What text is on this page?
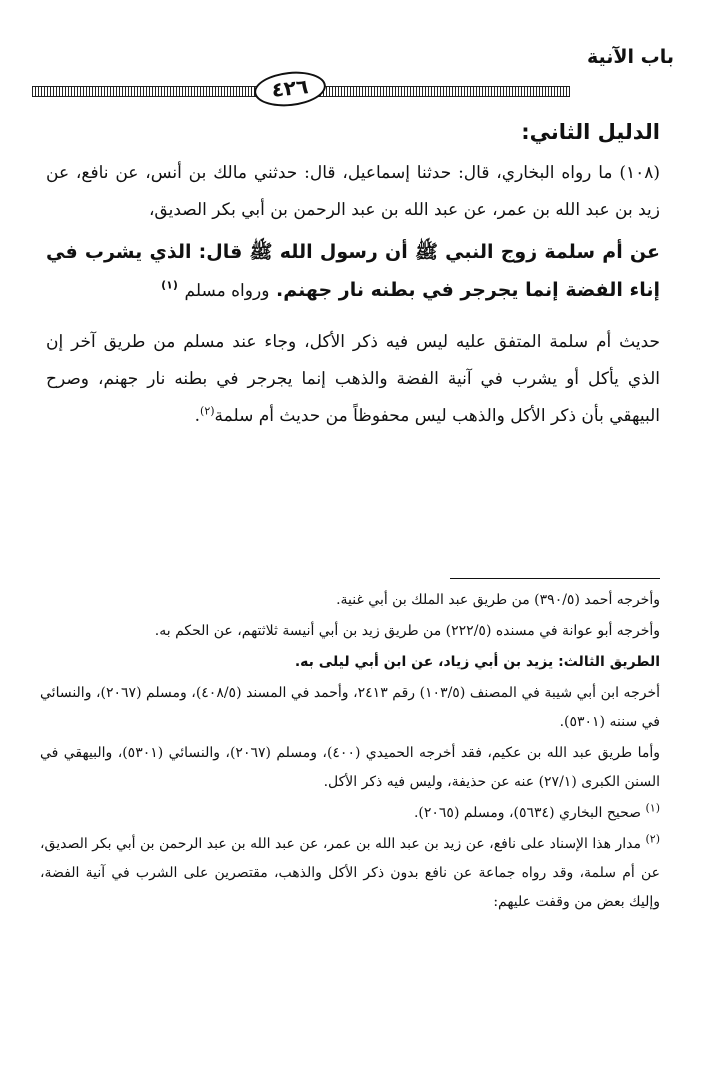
باب الآنية
٤٢٦
الدليل الثاني:

(١٠٨) ما رواه البخاري، قال: حدثنا إسماعيل، قال: حدثني مالك بن أنس، عن نافع، عن زيد بن عبد الله بن عمر، عن عبد الله بن عبد الرحمن بن أبي بكر الصديق،

عن أم سلمة زوج النبي ﷺ أن رسول الله ﷺ قال: الذي يشرب في إناء الفضة إنما يجرجر في بطنه نار جهنم. ورواه مسلم $^{(١)}$

حديث أم سلمة المتفق عليه ليس فيه ذكر الأكل، وجاء عند مسلم من طريق آخر إن الذي يأكل أو يشرب في آنية الفضة والذهب إنما يجرجر في بطنه نار جهنم، وصرح البيهقي بأن ذكر الأكل والذهب ليس محفوظاً من حديث أم سلمة$^{(٢)}$.

وأخرجه أحمد (٣٩٠/٥) من طريق عبد الملك بن أبي غنية.

وأخرجه أبو عوانة في مسنده (٢٢٢/٥) من طريق زيد بن أبي أنيسة ثلاثتهم، عن الحكم به.

الطريق الثالث: يزيد بن أبي زياد، عن ابن أبي ليلى به.

أخرجه ابن أبي شيبة في المصنف (١٠٣/٥) رقم ٢٤١٣، وأحمد في المسند (٤٠٨/٥)، ومسلم (٢٠٦٧)، والنسائي في سننه (٥٣٠١).

وأما طريق عبد الله بن عكيم، فقد أخرجه الحميدي (٤٠٠)، ومسلم (٢٠٦٧)، والنسائي (٥٣٠١)، والبيهقي في السنن الكبرى (٢٧/١) عنه عن حذيفة، وليس فيه ذكر الأكل.

$^{(١)}$ صحيح البخاري (٥٦٣٤)، ومسلم (٢٠٦٥).

$^{(٢)}$ مدار هذا الإسناد على نافع، عن زيد بن عبد الله بن عمر، عن عبد الله بن عبد الرحمن بن أبي بكر الصديق، عن أم سلمة، وقد رواه جماعة عن نافع بدون ذكر الأكل والذهب، مقتصرين على الشرب في آنية الفضة، وإليك بعض من وقفت عليهم:
